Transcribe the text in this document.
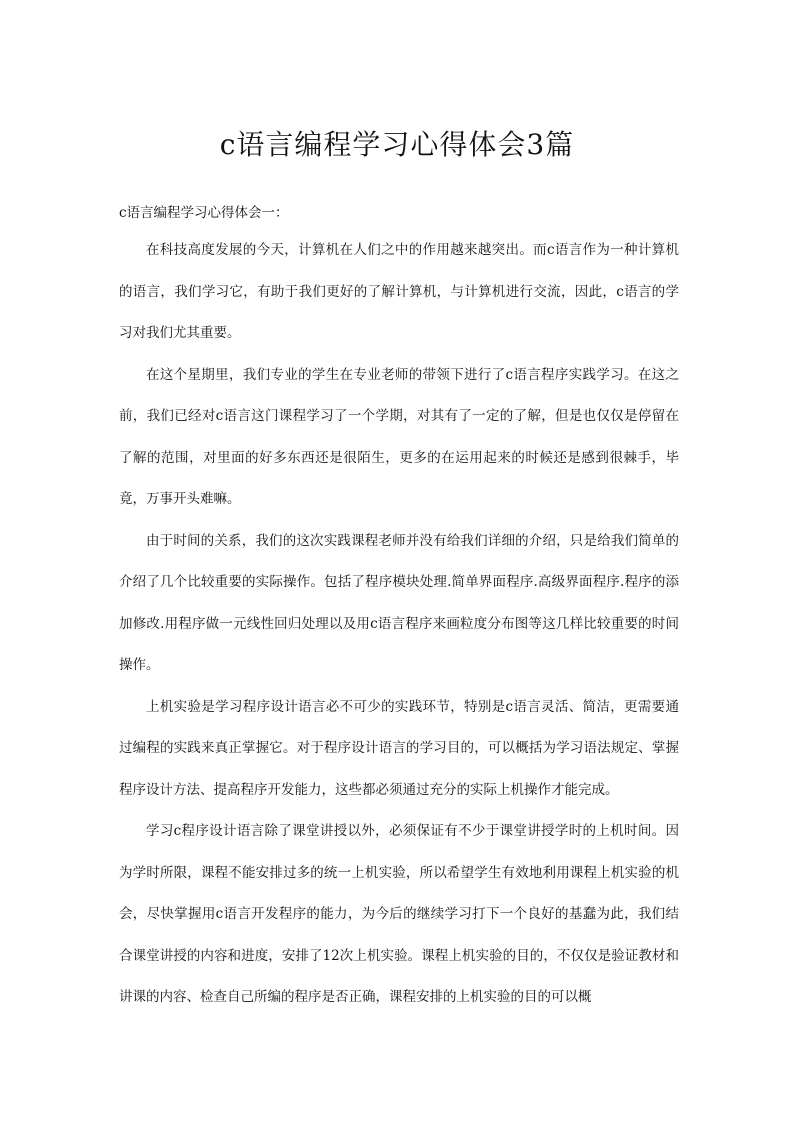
c语言编程学习心得体会3篇

c语言编程学习心得体会一：

在科技高度发展的今天，计算机在人们之中的作用越来越突出。而c语言作为一种计算机的语言，我们学习它，有助于我们更好的了解计算机，与计算机进行交流，因此，c语言的学习对我们尤其重要。

在这个星期里，我们专业的学生在专业老师的带领下进行了c语言程序实践学习。在这之前，我们已经对c语言这门课程学习了一个学期，对其有了一定的了解，但是也仅仅是停留在了解的范围，对里面的好多东西还是很陌生，更多的在运用起来的时候还是感到很棘手，毕竟，万事开头难嘛。

由于时间的关系，我们的这次实践课程老师并没有给我们详细的介绍，只是给我们简单的介绍了几个比较重要的实际操作。包括了程序模块处理.简单界面程序.高级界面程序.程序的添加修改.用程序做一元线性回归处理以及用c语言程序来画粒度分布图等这几样比较重要的时间操作。

上机实验是学习程序设计语言必不可少的实践环节，特别是c语言灵活、简洁，更需要通过编程的实践来真正掌握它。对于程序设计语言的学习目的，可以概括为学习语法规定、掌握程序设计方法、提高程序开发能力，这些都必须通过充分的实际上机操作才能完成。

学习c程序设计语言除了课堂讲授以外，必须保证有不少于课堂讲授学时的上机时间。因为学时所限，课程不能安排过多的统一上机实验，所以希望学生有效地利用课程上机实验的机会，尽快掌握用c语言开发程序的能力，为今后的继续学习打下一个良好的基蠢为此，我们结合课堂讲授的内容和进度，安排了12次上机实验。课程上机实验的目的，不仅仅是验证教材和讲课的内容、检查自己所编的程序是否正确，课程安排的上机实验的目的可以概
